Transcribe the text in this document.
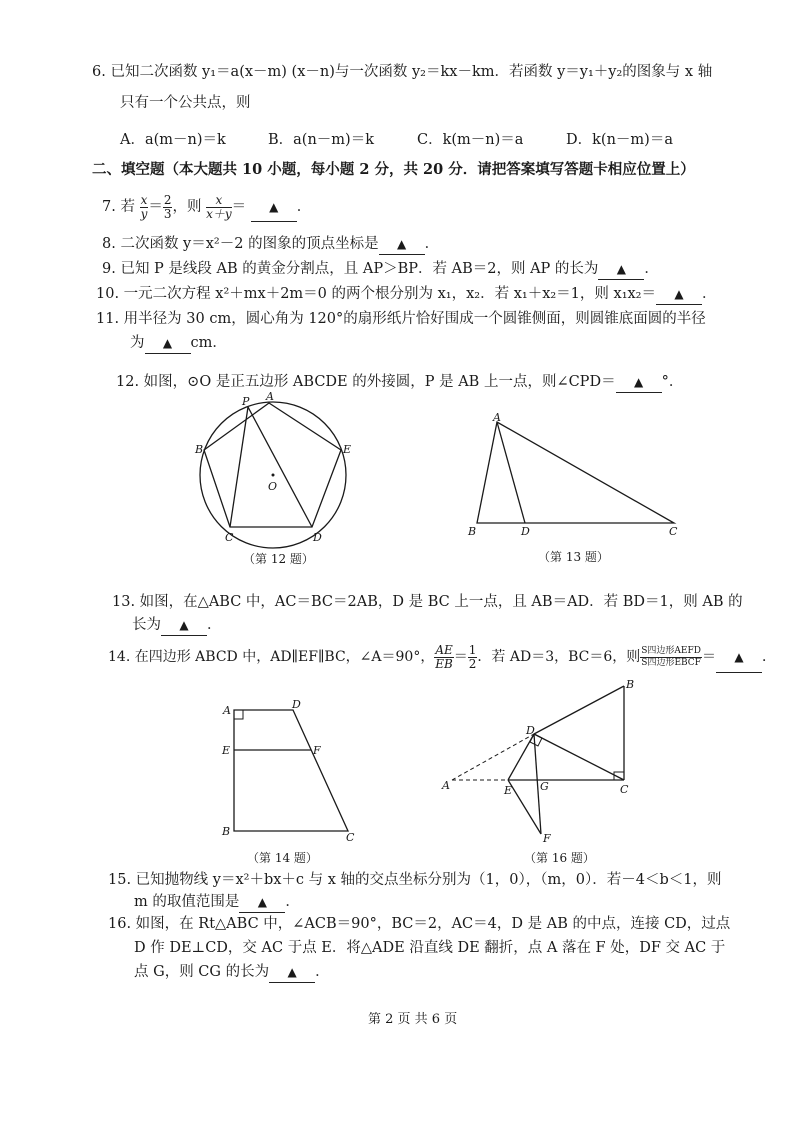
6. 已知二次函数 y₁＝a(x－m) (x－n)与一次函数 y₂＝kx－km．若函数 y＝y₁＋y₂的图象与 x 轴
只有一个公共点，则
A．a(m－n)＝k	B．a(n－m)＝k	C．k(m－n)＝a	D．k(n－m)＝a
二、填空题（本大题共 10 小题，每小题 2 分，共 20 分．请把答案填写答题卡相应位置上）
7. 若 $\frac{x}{y} = \frac{2}{3}$ ，则 $\frac{x}{x+y}$ ＝ ▲ ．
8. 二次函数 y＝x²－2 的图象的顶点坐标是 ▲ ．
9. 已知 P 是线段 AB 的黄金分割点，且 AP＞BP．若 AB＝2，则 AP 的长为 ▲ ．
10. 一元二次方程 x²＋mx＋2m＝0 的两个根分别为 x₁，x₂．若 x₁＋x₂＝1，则 x₁x₂＝ ▲ ．
11. 用半径为 30 cm，圆心角为 120°的扇形纸片恰好围成一个圆锥侧面，则圆锥底面圆的半径
为 ▲ cm．
12. 如图，⊙O 是正五边形 ABCDE 的外接圆，P 是 AB 上一点，则∠CPD＝ ▲ °．
P A
B	E
O
C	D
（第 12 题）
A
B	D	C
（第 13 题）
13. 如图，在△ABC 中，AC＝BC＝2AB，D 是 BC 上一点，且 AB＝AD．若 BD＝1，则 AB 的
长为 ▲ ．
14. 在四边形 ABCD 中，AD∥EF∥BC，∠A＝90°， $\frac{AE}{EB} = \frac{1}{2}$ ．若 AD＝3，BC＝6，则 $\frac{\text{S四边形AEFD}}{\text{S四边形EBCF}}$ ＝ ▲ ．
A	D
E	F
B	C
（第 14 题）
B
D
A	E	G	C
F
（第 16 题）
15. 已知抛物线 y＝x²＋bx＋c 与 x 轴的交点坐标分别为（1，0），（m，0）．若－4＜b＜1，则
m 的取值范围是 ▲ ．
16. 如图，在 Rt△ABC 中，∠ACB＝90°，BC＝2，AC＝4，D 是 AB 的中点，连接 CD，过点
D 作 DE⊥CD，交 AC 于点 E．将△ADE 沿直线 DE 翻折，点 A 落在 F 处，DF 交 AC 于
点 G，则 CG 的长为 ▲ ．
第 2 页 共 6 页
